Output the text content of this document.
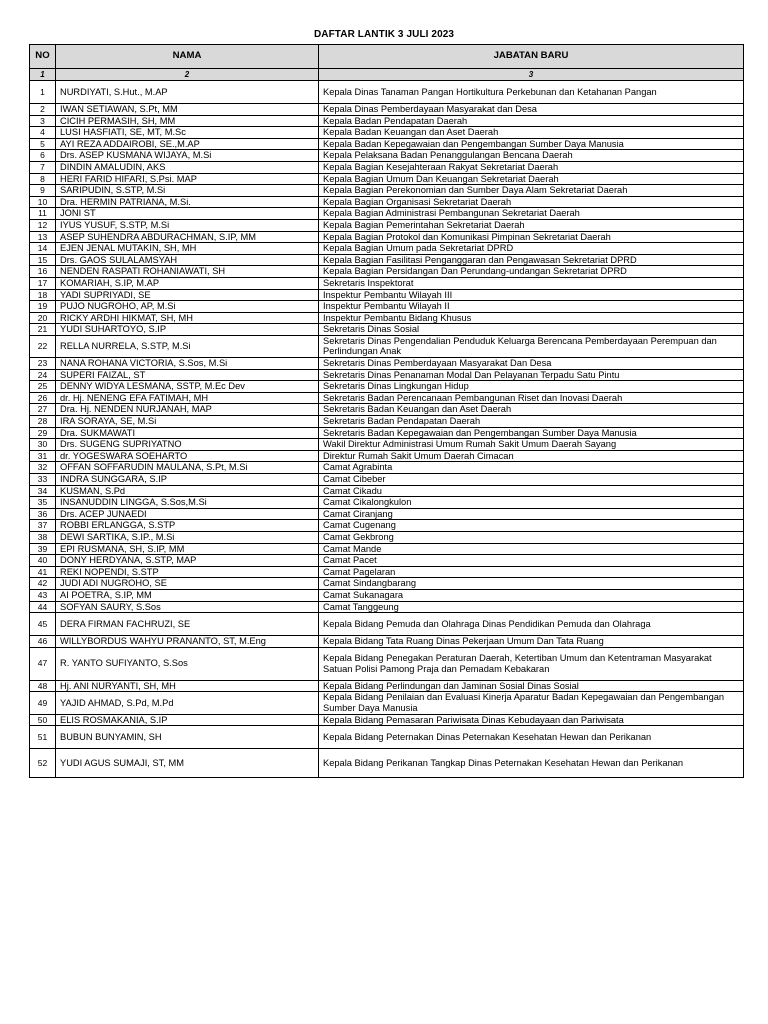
DAFTAR LANTIK 3 JULI 2023
NO	NAMA	JABATAN BARU
1	2	3
1	NURDIYATI, S.Hut., M.AP	Kepala Dinas Tanaman Pangan Hortikultura Perkebunan dan Ketahanan Pangan
2	IWAN SETIAWAN, S.Pt, MM	Kepala Dinas Pemberdayaan Masyarakat dan Desa
3	CICIH PERMASIH, SH, MM	Kepala Badan Pendapatan Daerah
4	LUSI HASFIATI, SE, MT, M.Sc	Kepala Badan Keuangan dan Aset Daerah
5	AYI REZA ADDAIROBI, SE.,M.AP	Kepala Badan Kepegawaian dan Pengembangan Sumber Daya Manusia
6	Drs. ASEP KUSMANA WIJAYA, M.Si	Kepala Pelaksana Badan Penanggulangan Bencana Daerah
7	DINDIN AMALUDIN, AKS	Kepala Bagian Kesejahteraan Rakyat Sekretariat Daerah
8	HERI FARID HIFARI, S.Psi. MAP	Kepala Bagian Umum Dan Keuangan Sekretariat Daerah
9	SARIPUDIN, S.STP, M.Si	Kepala Bagian Perekonomian dan Sumber Daya Alam Sekretariat Daerah
10	Dra. HERMIN PATRIANA, M.Si.	Kepala Bagian Organisasi Sekretariat Daerah
11	JONI ST	Kepala Bagian Administrasi Pembangunan Sekretariat Daerah
12	IYUS YUSUF, S.STP, M.Si	Kepala Bagian Pemerintahan Sekretariat Daerah
13	ASEP SUHENDRA ABDURACHMAN, S.IP, MM	Kepala Bagian Protokol dan Komunikasi Pimpinan Sekretariat Daerah
14	EJEN JENAL MUTAKIN, SH, MH	Kepala Bagian Umum pada Sekretariat DPRD
15	Drs. GAOS SULALAMSYAH	Kepala Bagian Fasilitasi Penganggaran dan Pengawasan Sekretariat DPRD
16	NENDEN RASPATI ROHANIAWATI, SH	Kepala Bagian Persidangan Dan Perundang-undangan Sekretariat DPRD
17	KOMARIAH, S.IP, M.AP	Sekretaris Inspektorat
18	YADI SUPRIYADI, SE	Inspektur Pembantu Wilayah III
19	PUJO NUGROHO, AP, M.Si	Inspektur Pembantu Wilayah II
20	RICKY ARDHI HIKMAT, SH, MH	Inspektur Pembantu Bidang Khusus
21	YUDI SUHARTOYO, S.IP	Sekretaris Dinas Sosial
22	RELLA NURRELA, S.STP, M.Si	Sekretaris Dinas Pengendalian Penduduk Keluarga Berencana Pemberdayaan Perempuan dan Perlindungan Anak
23	NANA ROHANA VICTORIA, S.Sos, M.Si	Sekretaris Dinas Pemberdayaan Masyarakat Dan Desa
24	SUPERI FAIZAL, ST	Sekretaris Dinas Penanaman Modal Dan Pelayanan Terpadu Satu Pintu
25	DENNY WIDYA LESMANA, SSTP, M.Ec Dev	Sekretaris Dinas Lingkungan Hidup
26	dr. Hj. NENENG EFA FATIMAH, MH	Sekretaris Badan Perencanaan Pembangunan Riset dan Inovasi Daerah
27	Dra. Hj. NENDEN NURJANAH, MAP	Sekretaris Badan Keuangan dan Aset Daerah
28	IRA SORAYA, SE, M.Si	Sekretaris Badan Pendapatan Daerah
29	Dra. SUKMAWATI	Sekretaris Badan Kepegawaian dan Pengembangan Sumber Daya Manusia
30	Drs. SUGENG SUPRIYATNO	Wakil Direktur Administrasi Umum Rumah Sakit Umum Daerah Sayang
31	dr. YOGESWARA SOEHARTO	Direktur Rumah Sakit Umum Daerah Cimacan
32	OFFAN SOFFARUDIN MAULANA, S.Pt, M.Si	Camat Agrabinta
33	INDRA SUNGGARA, S.IP	Camat Cibeber
34	KUSMAN, S.Pd	Camat Cikadu
35	INSANUDDIN LINGGA, S.Sos,M.Si	Camat Cikalongkulon
36	Drs. ACEP JUNAEDI	Camat Ciranjang
37	ROBBI ERLANGGA, S.STP	Camat Cugenang
38	DEWI SARTIKA, S.IP., M.Si	Camat Gekbrong
39	EPI RUSMANA, SH, S.IP, MM	Camat Mande
40	DONY HERDYANA, S.STP, MAP	Camat Pacet
41	REKI NOPENDI, S.STP	Camat Pagelaran
42	JUDI ADI NUGROHO, SE	Camat Sindangbarang
43	AI POETRA, S.IP, MM	Camat Sukanagara
44	SOFYAN SAURY, S.Sos	Camat Tanggeung
45	DERA FIRMAN FACHRUZI, SE	Kepala Bidang Pemuda dan Olahraga Dinas Pendidikan Pemuda dan Olahraga
46	WILLYBORDUS WAHYU PRANANTO, ST, M.Eng	Kepala Bidang Tata Ruang Dinas Pekerjaan Umum Dan Tata Ruang
47	R. YANTO SUFIYANTO, S.Sos	Kepala Bidang Penegakan Peraturan Daerah, Ketertiban Umum dan Ketentraman Masyarakat Satuan Polisi Pamong Praja dan Pemadam Kebakaran
48	Hj. ANI NURYANTI, SH, MH	Kepala Bidang Perlindungan dan Jaminan Sosial Dinas Sosial
49	YAJID AHMAD, S.Pd, M.Pd	Kepala Bidang Penilaian dan Evaluasi Kinerja Aparatur Badan Kepegawaian dan Pengembangan Sumber Daya Manusia
50	ELIS ROSMAKANIA, S.IP	Kepala Bidang Pemasaran Pariwisata Dinas Kebudayaan dan Pariwisata
51	BUBUN BUNYAMIN, SH	Kepala Bidang Peternakan Dinas Peternakan Kesehatan Hewan dan Perikanan
52	YUDI AGUS SUMAJI, ST, MM	Kepala Bidang Perikanan Tangkap Dinas Peternakan Kesehatan Hewan dan Perikanan
